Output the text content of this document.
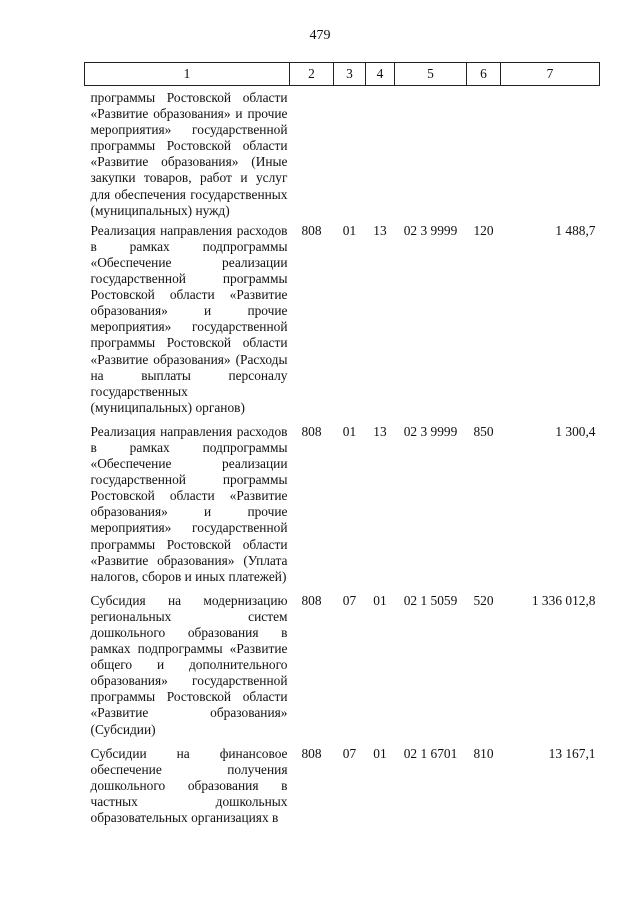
479
1	2	3	4	5	6	7
программы Ростовской области «Развитие образования» и прочие мероприятия» государственной программы Ростовской области «Развитие образования» (Иные закупки товаров, работ и услуг для обеспечения государственных (муниципальных) нужд)						
Реализация направления расходов в рамках подпрограммы «Обеспечение реализации государственной программы Ростовской области «Развитие образования» и прочие мероприятия» государственной программы Ростовской области «Развитие образования» (Расходы на выплаты персоналу государственных (муниципальных) органов)	808	01	13	02 3 9999	120	1 488,7
Реализация направления расходов в рамках подпрограммы «Обеспечение реализации государственной программы Ростовской области «Развитие образования» и прочие мероприятия» государственной программы Ростовской области «Развитие образования» (Уплата налогов, сборов и иных платежей)	808	01	13	02 3 9999	850	1 300,4
Субсидия на модернизацию региональных систем дошкольного образования в рамках подпрограммы «Развитие общего и дополнительного образования» государственной программы Ростовской области «Развитие образования» (Субсидии)	808	07	01	02 1 5059	520	1 336 012,8
Субсидии на финансовое обеспечение получения дошкольного образования в частных дошкольных образовательных организациях в	808	07	01	02 1 6701	810	13 167,1
